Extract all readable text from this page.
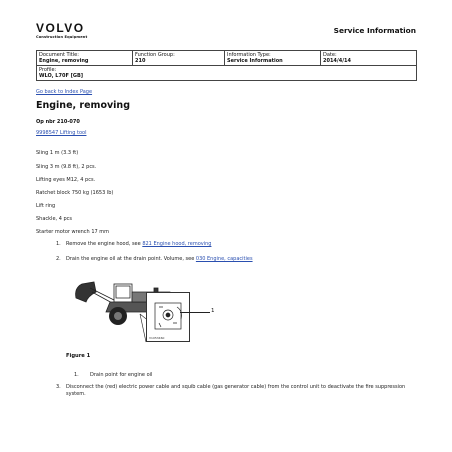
VOLVO
Construction Equipment
Service Information
Document Title:
Engine, removing

Function Group:
210

Information Type:
Service Information

Date:
2014/4/14

Profile:
WLO, L70F [GB]
Go back to Index Page
Engine, removing
Op nbr 210-070
9998547 Lifting tool
Sling 1 m (3.3 ft)
Sling 3 m (9.8 ft), 2 pcs.
Lifting eyes M12, 4 pcs.
Ratchet block 750 kg (1653 lb)
Lift ring
Shackle, 4 pcs
Starter motor wrench 17 mm
1. Remove the engine hood, see 821 Engine hood, removing
2. Drain the engine oil at the drain point. Volume, see 030 Engine, capacities
1
V1053460
Figure 1
1. Drain point for engine oil
3. Disconnect the (red) electric power cable and squib cable (gas generator cable) from the control unit to deactivate the fire suppression system.
